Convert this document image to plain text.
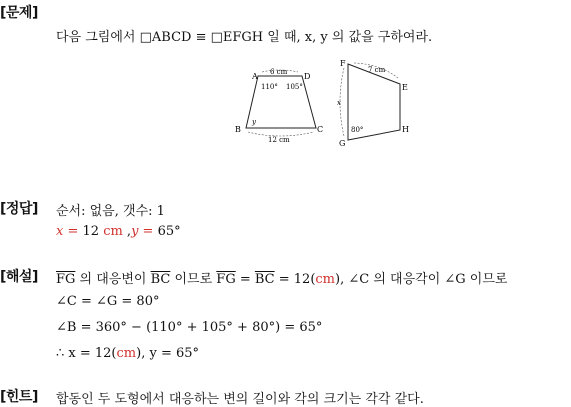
[문제]
다음 그림에서 □ABCD ≡ □EFGH 일 때, x, y 의 값을 구하여라.
A	D
B	C
6 cm
12 cm
110° 105°
y
F
E
H
G
7 cm
x
80°
[정답] 순서: 없음, 갯수: 1
x = 12 cm ,y = 65°
[해설] $\overline{FG}$ 의 대응변이 $\overline{BC}$ 이므로 $\overline{FG} = \overline{BC} = 12(cm)$, ∠C 의 대응각이 ∠G 이므로
∠C = ∠G = 80°
∠B = 360° − (110° + 105° + 80°) = 65°
∴ x = 12(cm), y = 65°
[힌트] 합동인 두 도형에서 대응하는 변의 길이와 각의 크기는 각각 같다.
